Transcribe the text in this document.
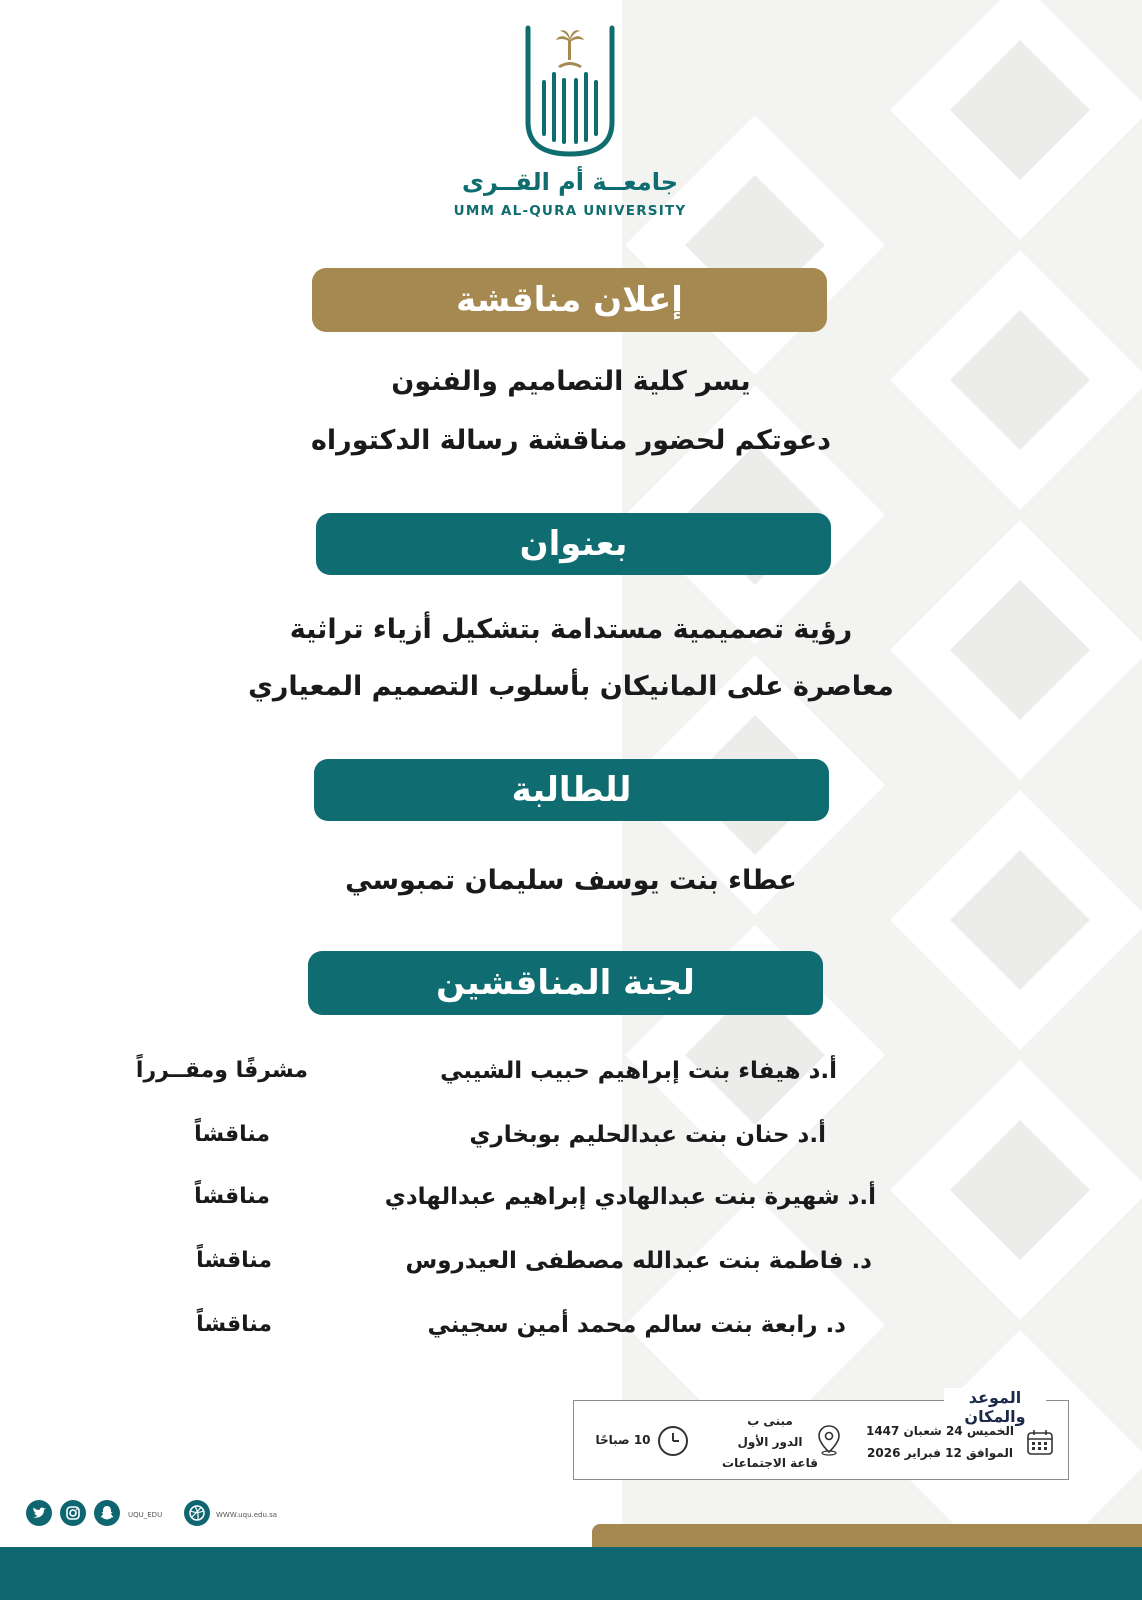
جامعــة أم القــرى
UMM AL-QURA UNIVERSITY
إعلان مناقشة
يسر كلية التصاميم والفنون
دعوتكم لحضور مناقشة رسالة الدكتوراه
بعنوان
رؤية تصميمية مستدامة بتشكيل أزياء تراثية
معاصرة على المانيكان بأسلوب التصميم المعياري
للطالبة
عطاء بنت يوسف سليمان تمبوسي
لجنة المناقشين
أ.د هيفاء بنت إبراهيم حبيب الشيبي
مشرفًا ومقــرراً
أ.د حنان بنت عبدالحليم بوبخاري
مناقشاً
أ.د شهيرة بنت عبدالهادي إبراهيم عبدالهادي
مناقشاً
د. فاطمة بنت عبدالله مصطفى العيدروس
مناقشاً
د. رابعة بنت سالم محمد أمين سجيني
مناقشاً
الموعد والمكان
الخميس 24 شعبان 1447
الموافق 12 فبراير 2026
مبنى ب
الدور الأول
قاعة الاجتماعات
10 صباحًا
UQU_EDU	WWW.uqu.edu.sa
